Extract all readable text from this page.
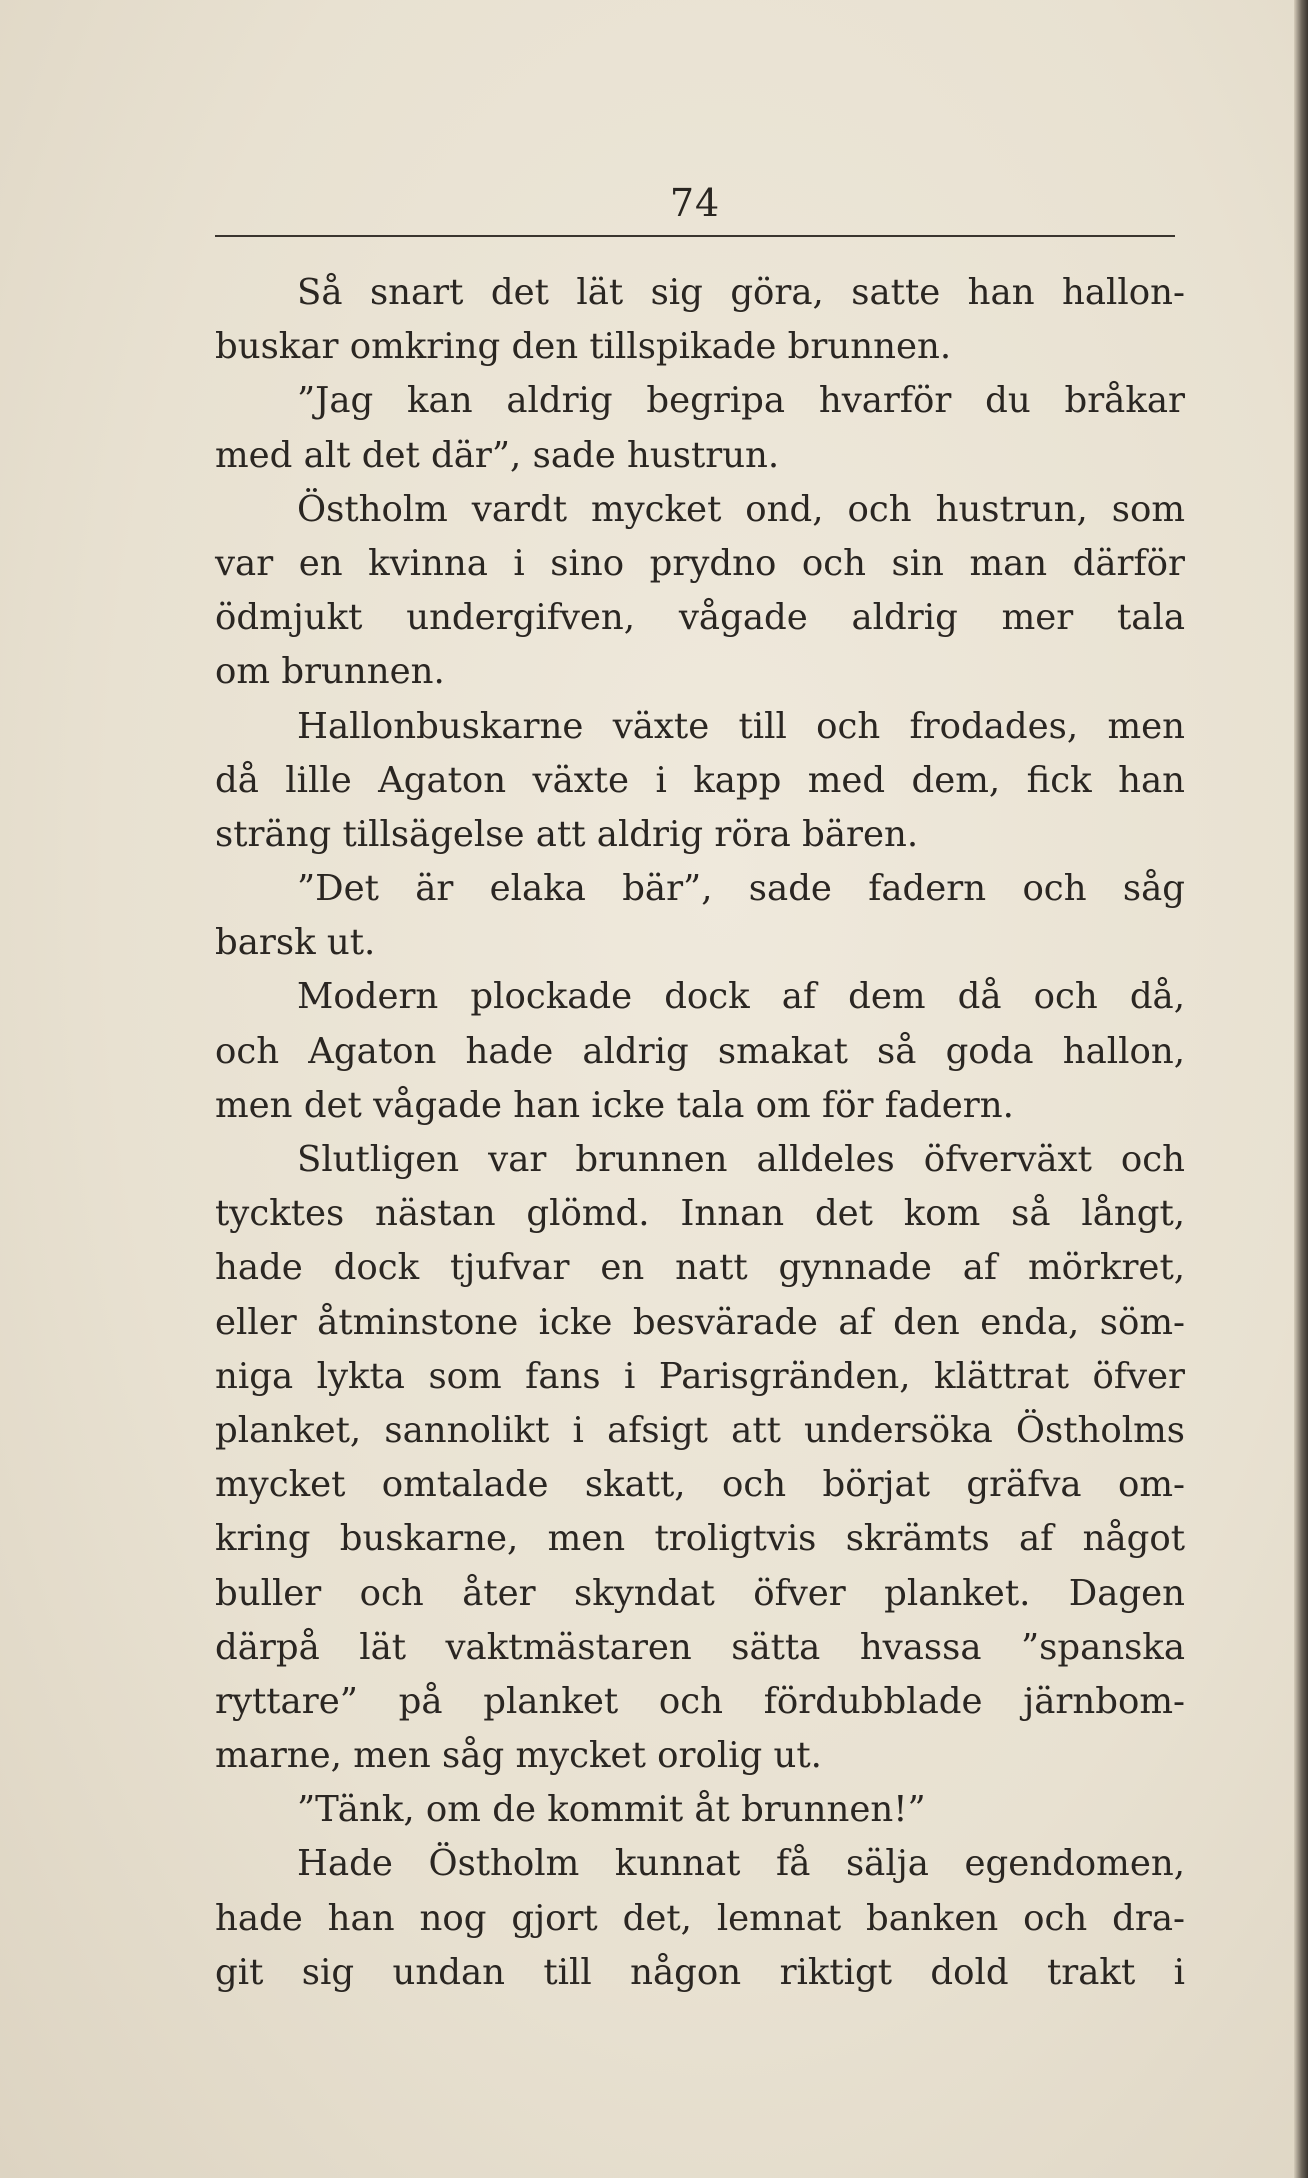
74
Så snart det lät sig göra, satte han hallon-
buskar omkring den tillspikade brunnen.
”Jag kan aldrig begripa hvarför du bråkar
med alt det där”, sade hustrun.
Östholm vardt mycket ond, och hustrun, som
var en kvinna i sino prydno och sin man därför
ödmjukt undergifven, vågade aldrig mer tala
om brunnen.
Hallonbuskarne växte till och frodades, men
då lille Agaton växte i kapp med dem, fick han
sträng tillsägelse att aldrig röra bären.
”Det är elaka bär”, sade fadern och såg
barsk ut.
Modern plockade dock af dem då och då,
och Agaton hade aldrig smakat så goda hallon,
men det vågade han icke tala om för fadern.
Slutligen var brunnen alldeles öfverväxt och
tycktes nästan glömd. Innan det kom så långt,
hade dock tjufvar en natt gynnade af mörkret,
eller åtminstone icke besvärade af den enda, söm-
niga lykta som fans i Parisgränden, klättrat öfver
planket, sannolikt i afsigt att undersöka Östholms
mycket omtalade skatt, och börjat gräfva om-
kring buskarne, men troligtvis skrämts af något
buller och åter skyndat öfver planket. Dagen
därpå lät vaktmästaren sätta hvassa ”spanska
ryttare” på planket och fördubblade järnbom-
marne, men såg mycket orolig ut.
”Tänk, om de kommit åt brunnen!”
Hade Östholm kunnat få sälja egendomen,
hade han nog gjort det, lemnat banken och dra-
git sig undan till någon riktigt dold trakt i
